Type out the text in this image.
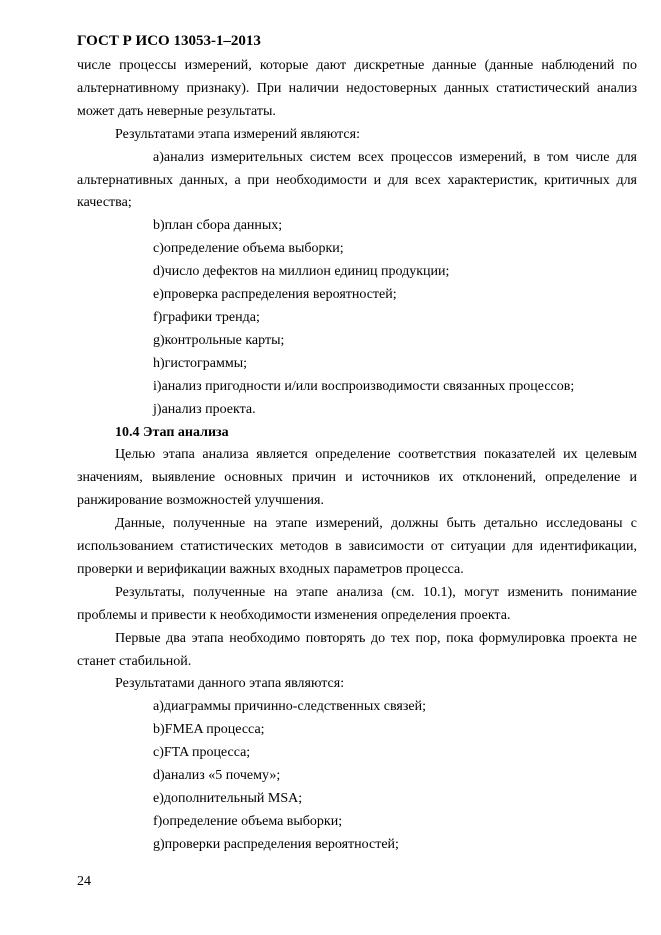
ГОСТ Р ИСО 13053-1–2013

числе процессы измерений, которые дают дискретные данные (данные наблюдений по альтернативному признаку). При наличии недостоверных данных статистический анализ может дать неверные результаты.

Результатами этапа измерений являются:

a)анализ измерительных систем всех процессов измерений, в том числе для альтернативных данных, а при необходимости и для всех характеристик, критичных для качества;

b)план сбора данных;

c)определение объема выборки;

d)число дефектов на миллион единиц продукции;

e)проверка распределения вероятностей;

f)графики тренда;

g)контрольные карты;

h)гистограммы;

i)анализ пригодности и/или воспроизводимости связанных процессов;

j)анализ проекта.

10.4 Этап анализа

Целью этапа анализа является определение соответствия показателей их целевым значениям, выявление основных причин и источников их отклонений, определение и ранжирование возможностей улучшения.

Данные, полученные на этапе измерений, должны быть детально исследованы с использованием статистических методов в зависимости от ситуации для идентификации, проверки и верификации важных входных параметров процесса.

Результаты, полученные на этапе анализа (см. 10.1), могут изменить понимание проблемы и привести к необходимости изменения определения проекта.

Первые два этапа необходимо повторять до тех пор, пока формулировка проекта не станет стабильной.

Результатами данного этапа являются:

a)диаграммы причинно-следственных связей;

b)FMEA процесса;

c)FTA процесса;

d)анализ «5 почему»;

e)дополнительный MSA;

f)определение объема выборки;

g)проверки распределения вероятностей;

24
